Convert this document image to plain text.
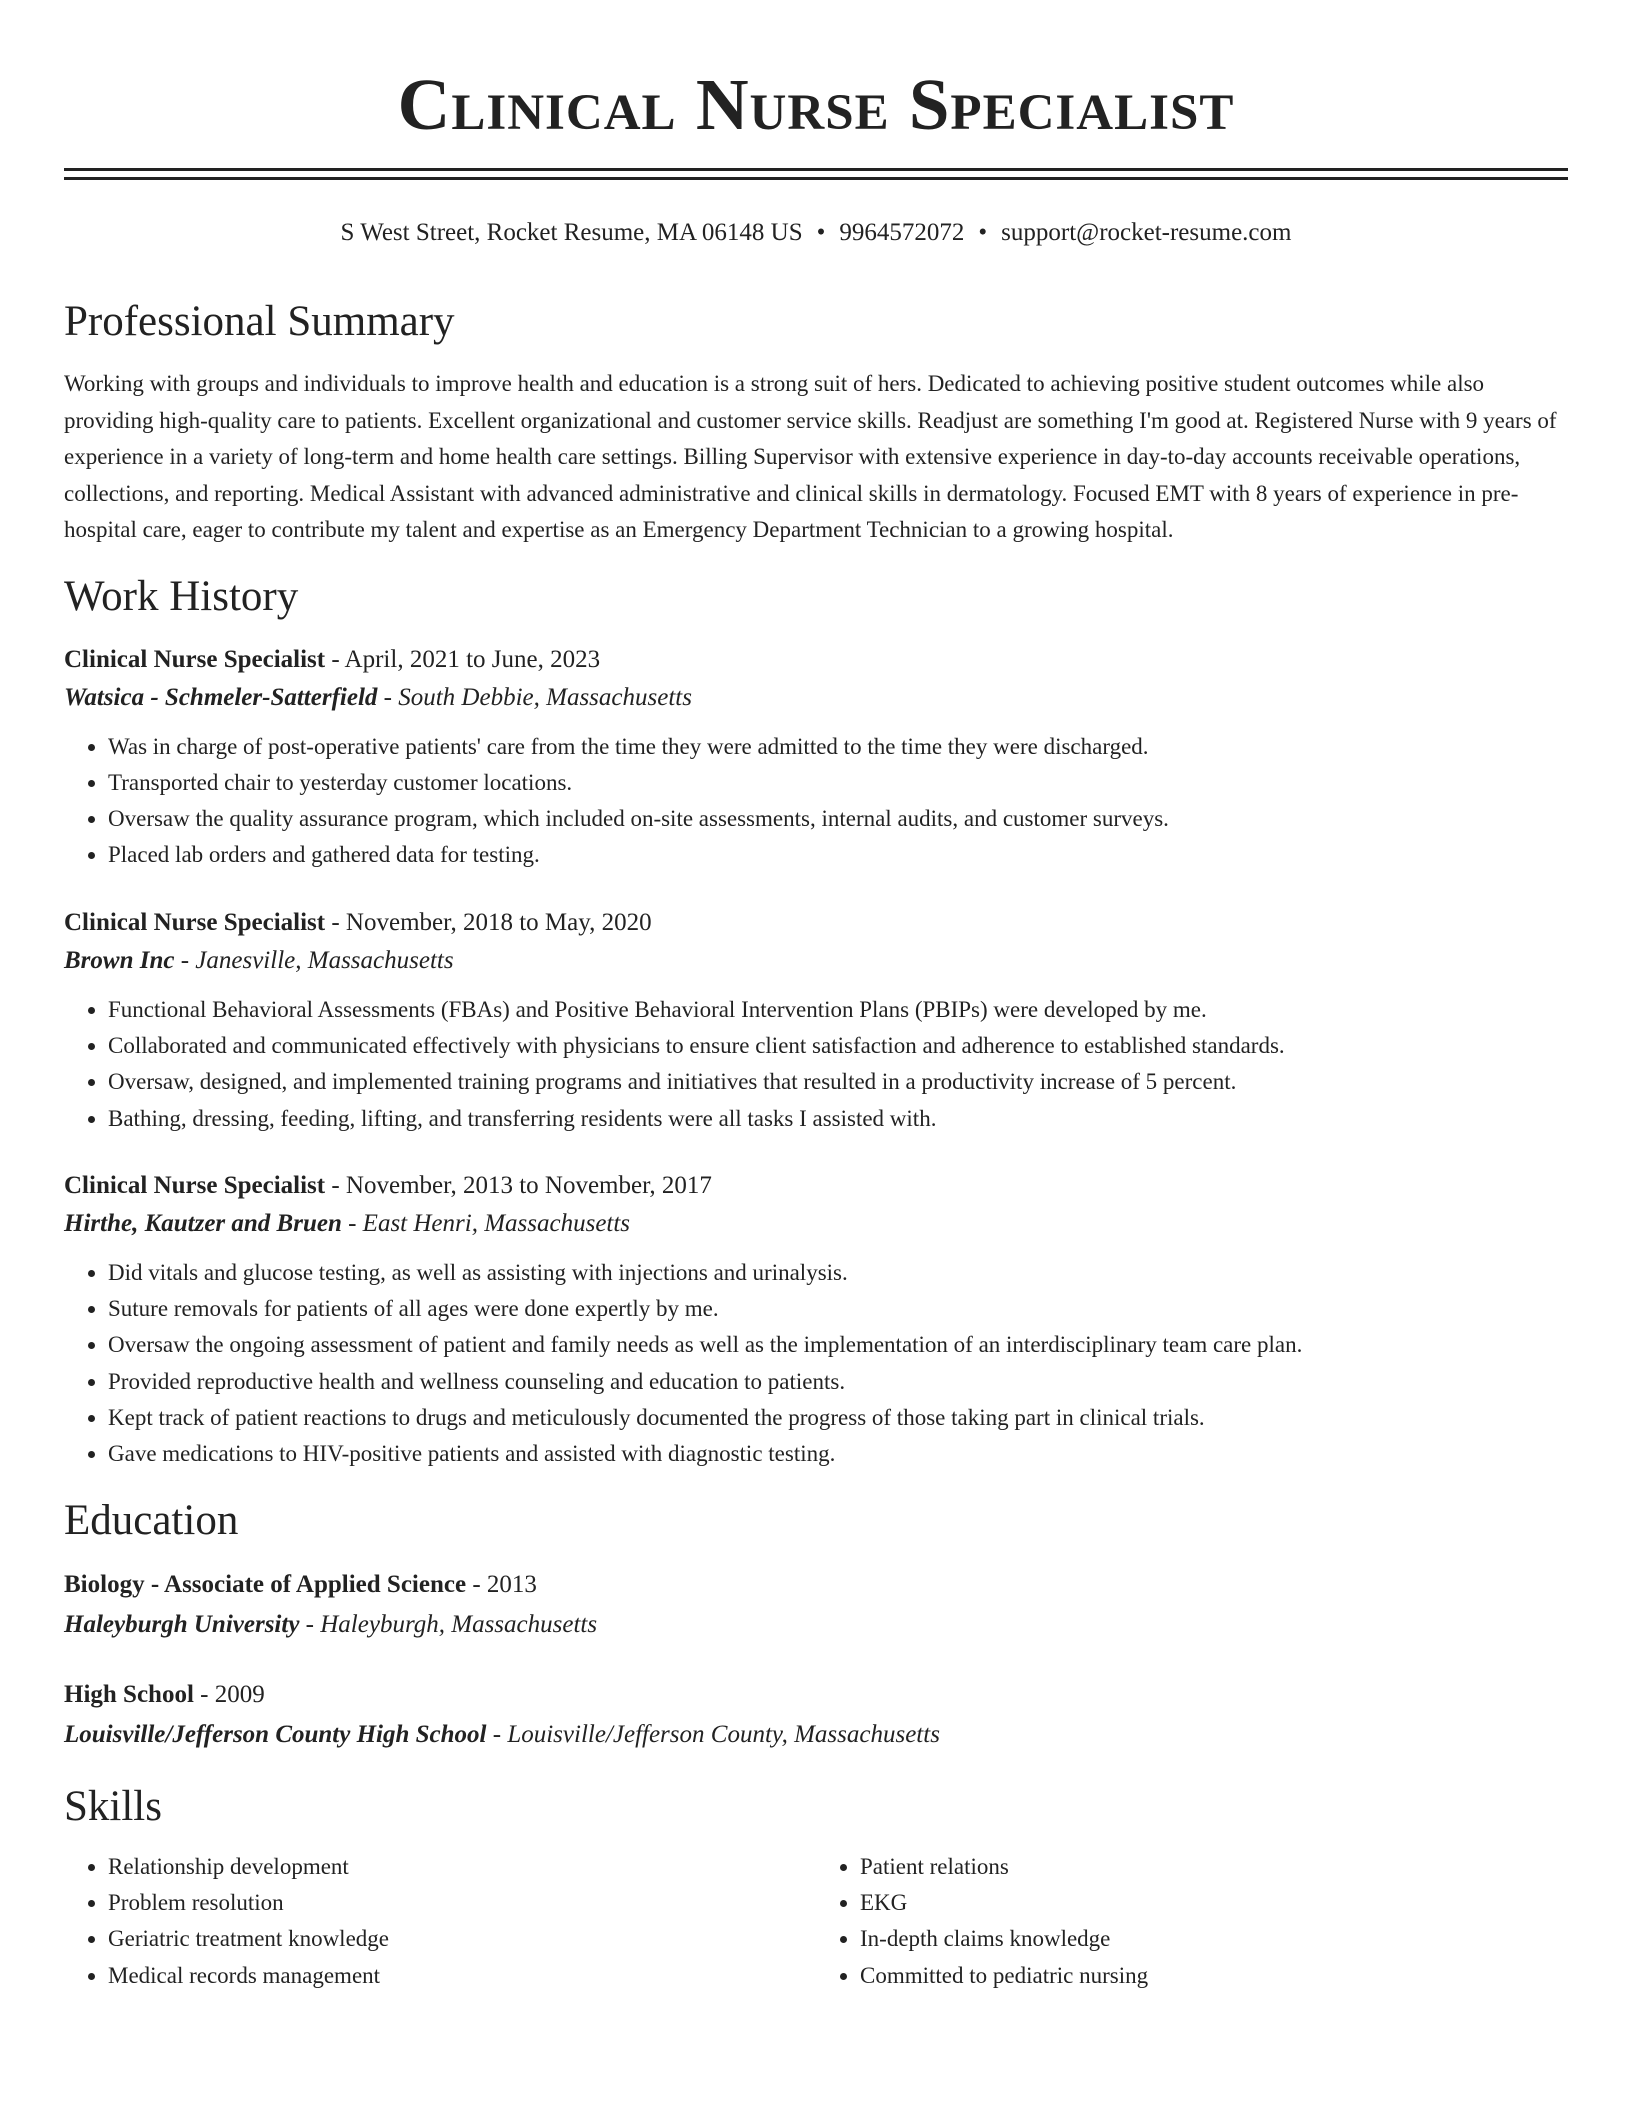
Clinical Nurse Specialist
S West Street, Rocket Resume, MA 06148 US • 9964572072 • support@rocket-resume.com
Professional Summary

Working with groups and individuals to improve health and education is a strong suit of hers. Dedicated to achieving positive student outcomes while also providing high-quality care to patients. Excellent organizational and customer service skills. Readjust are something I'm good at. Registered Nurse with 9 years of experience in a variety of long-term and home health care settings. Billing Supervisor with extensive experience in day-to-day accounts receivable operations, collections, and reporting. Medical Assistant with advanced administrative and clinical skills in dermatology. Focused EMT with 8 years of experience in pre-hospital care, eager to contribute my talent and expertise as an Emergency Department Technician to a growing hospital.

Work History
Clinical Nurse Specialist - April, 2021 to June, 2023
Watsica - Schmeler-Satterfield - South Debbie, Massachusetts
• Was in charge of post-operative patients' care from the time they were admitted to the time they were discharged.
• Transported chair to yesterday customer locations.
• Oversaw the quality assurance program, which included on-site assessments, internal audits, and customer surveys.
• Placed lab orders and gathered data for testing.
Clinical Nurse Specialist - November, 2018 to May, 2020
Brown Inc - Janesville, Massachusetts
• Functional Behavioral Assessments (FBAs) and Positive Behavioral Intervention Plans (PBIPs) were developed by me.
• Collaborated and communicated effectively with physicians to ensure client satisfaction and adherence to established standards.
• Oversaw, designed, and implemented training programs and initiatives that resulted in a productivity increase of 5 percent.
• Bathing, dressing, feeding, lifting, and transferring residents were all tasks I assisted with.
Clinical Nurse Specialist - November, 2013 to November, 2017
Hirthe, Kautzer and Bruen - East Henri, Massachusetts
• Did vitals and glucose testing, as well as assisting with injections and urinalysis.
• Suture removals for patients of all ages were done expertly by me.
• Oversaw the ongoing assessment of patient and family needs as well as the implementation of an interdisciplinary team care plan.
• Provided reproductive health and wellness counseling and education to patients.
• Kept track of patient reactions to drugs and meticulously documented the progress of those taking part in clinical trials.
• Gave medications to HIV-positive patients and assisted with diagnostic testing.
Education
Biology - Associate of Applied Science - 2013
Haleyburgh University - Haleyburgh, Massachusetts
High School - 2009
Louisville/Jefferson County High School - Louisville/Jefferson County, Massachusetts
Skills
• Relationship development
• Problem resolution
• Geriatric treatment knowledge
• Medical records management
• Patient relations
• EKG
• In-depth claims knowledge
• Committed to pediatric nursing
